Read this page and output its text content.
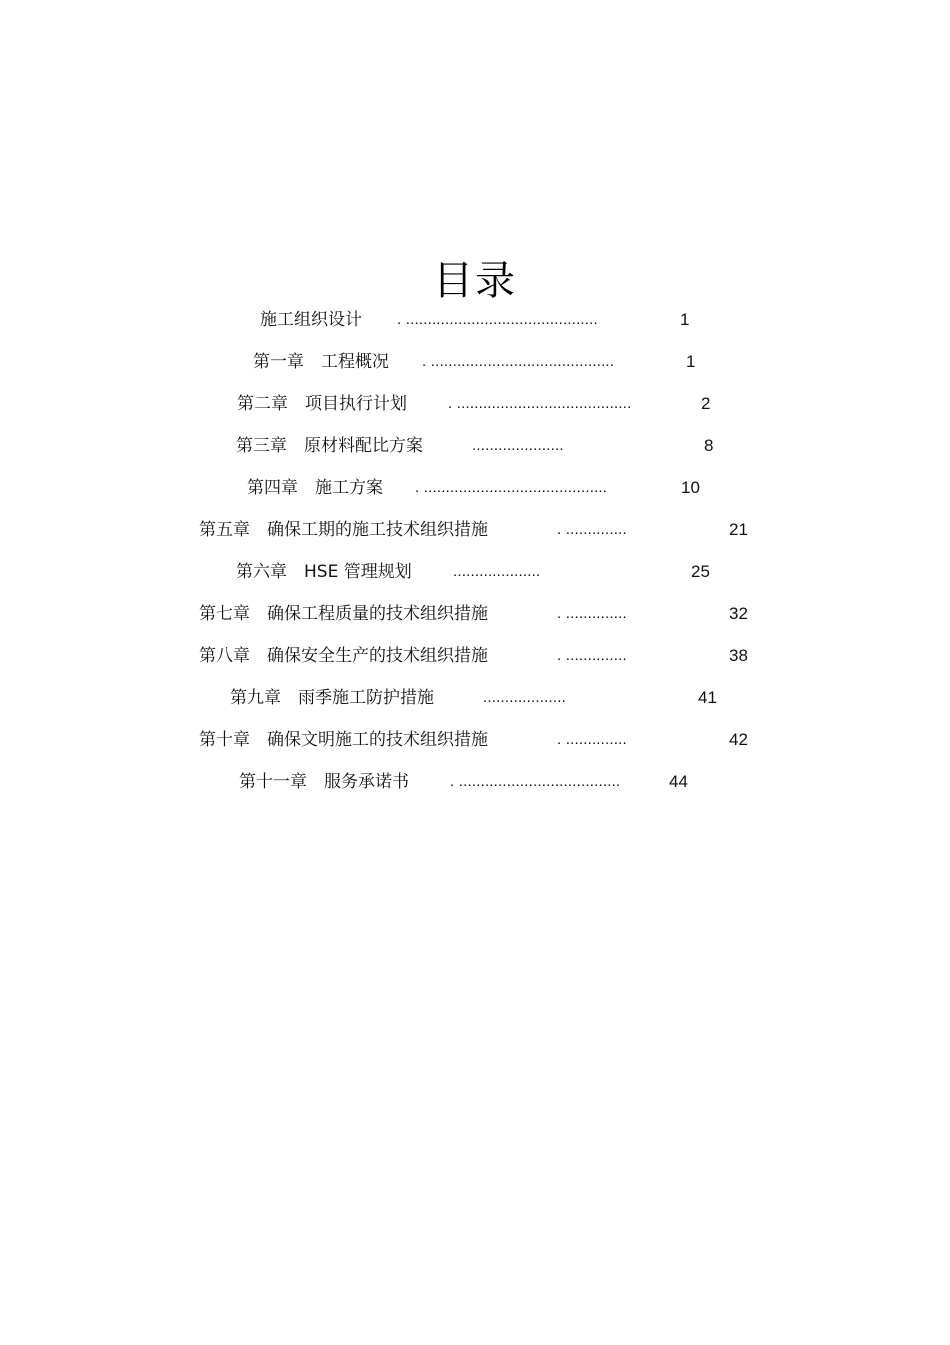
目录
施工组织设计 . ............................................	1
第一章　工程概况 . ..........................................	1
第二章　项目执行计划	. ........................................	2
第三章　原材料配比方案	.....................	8
第四章　施工方案 . ..........................................	10
第五章　确保工期的施工技术组织措施	. ..............	21
第六章　HSE 管理规划	....................	25
第七章　确保工程质量的技术组织措施	. ..............	32
第八章　确保安全生产的技术组织措施	. ..............	38
第九章　雨季施工防护措施	...................	41
第十章　确保文明施工的技术组织措施	. ..............	42
第十一章　服务承诺书	. .....................................	44
